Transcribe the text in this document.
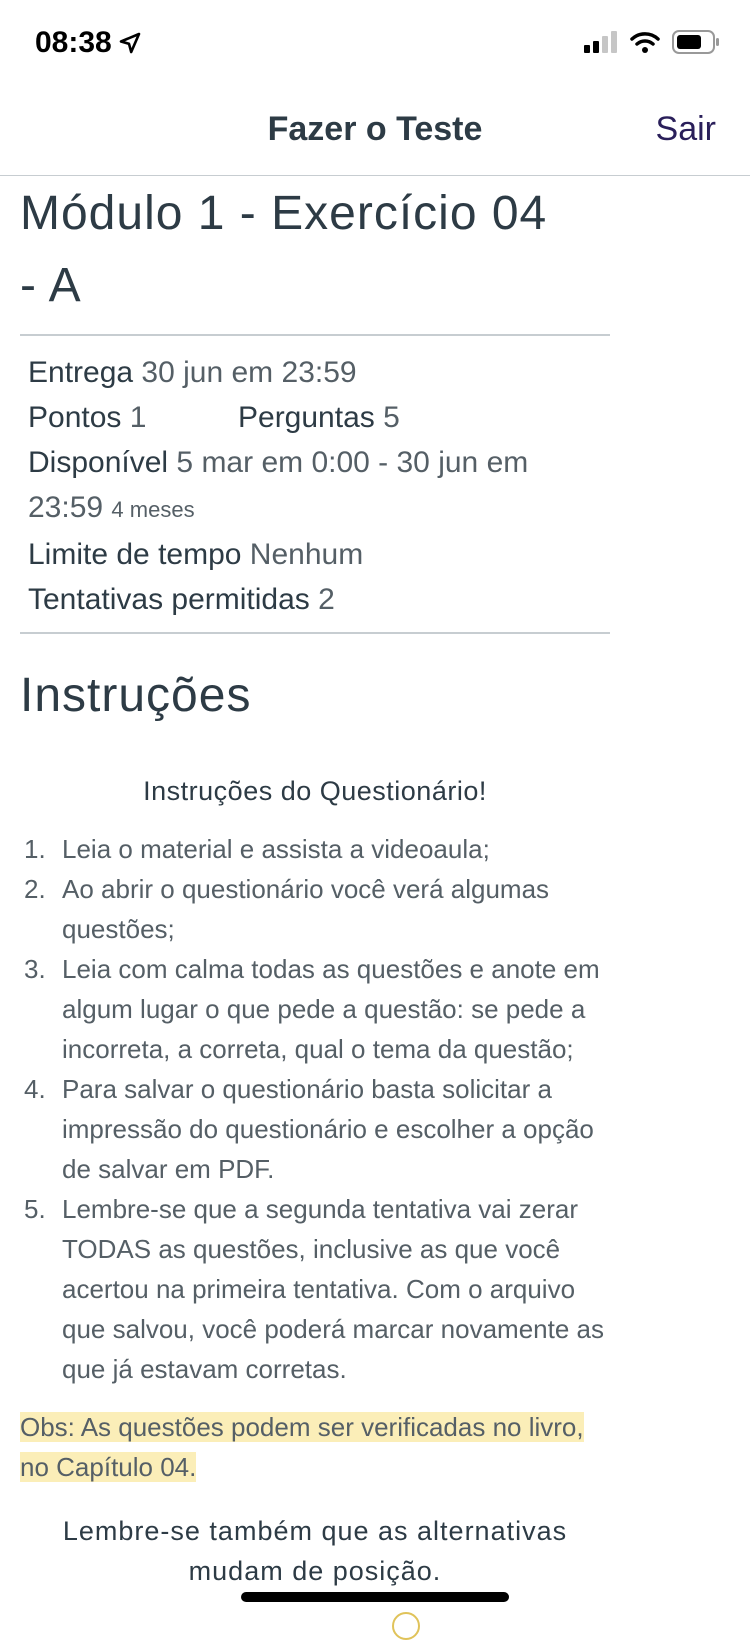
08:38
Fazer o Teste	Sair
Módulo 1 - Exercício 04
- A
Entrega 30 jun em 23:59
Pontos 1	Perguntas 5
Disponível 5 mar em 0:00 - 30 jun em
23:59 4 meses
Limite de tempo Nenhum
Tentativas permitidas 2
Instruções
Instruções do Questionário!
1. Leia o material e assista a videoaula;
2. Ao abrir o questionário você verá algumas questões;
3. Leia com calma todas as questões e anote em algum lugar o que pede a questão: se pede a incorreta, a correta, qual o tema da questão;
4. Para salvar o questionário basta solicitar a impressão do questionário e escolher a opção de salvar em PDF.
5. Lembre-se que a segunda tentativa vai zerar TODAS as questões, inclusive as que você acertou na primeira tentativa. Com o arquivo que salvou, você poderá marcar novamente as que já estavam corretas.
Obs: As questões podem ser verificadas no livro, no Capítulo 04.
Lembre-se também que as alternativas mudam de posição.
